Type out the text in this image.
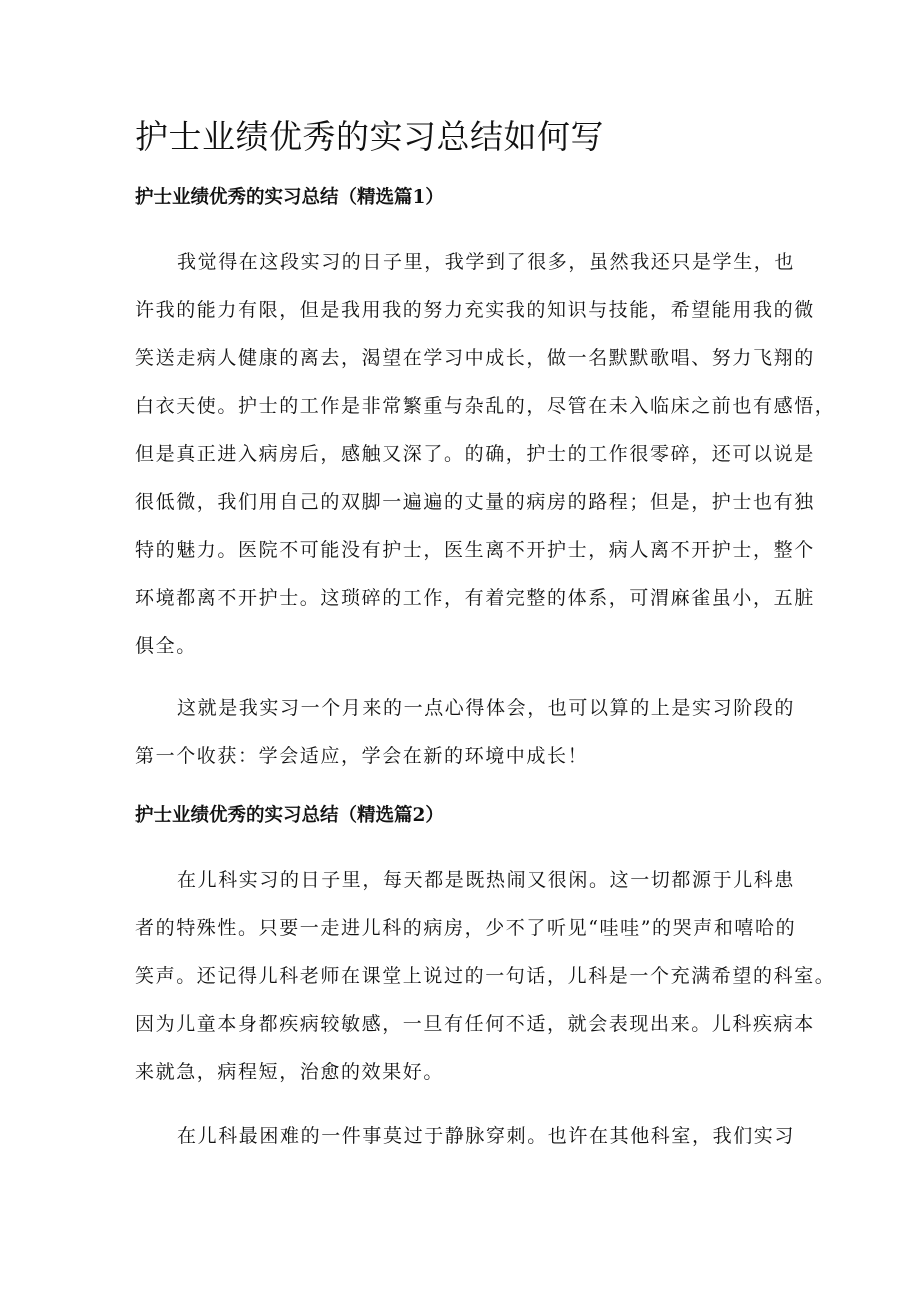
护士业绩优秀的实习总结如何写
护士业绩优秀的实习总结（精选篇1）
我觉得在这段实习的日子里，我学到了很多，虽然我还只是学生，也
许我的能力有限，但是我用我的努力充实我的知识与技能，希望能用我的微
笑送走病人健康的离去，渴望在学习中成长，做一名默默歌唱、努力飞翔的
白衣天使。护士的工作是非常繁重与杂乱的，尽管在未入临床之前也有感悟，
但是真正进入病房后，感触又深了。的确，护士的工作很零碎，还可以说是
很低微，我们用自己的双脚一遍遍的丈量的病房的路程；但是，护士也有独
特的魅力。医院不可能没有护士，医生离不开护士，病人离不开护士，整个
环境都离不开护士。这琐碎的工作，有着完整的体系，可渭麻雀虽小，五脏
俱全。
这就是我实习一个月来的一点心得体会，也可以算的上是实习阶段的
第一个收获：学会适应，学会在新的环境中成长！
护士业绩优秀的实习总结（精选篇2）
在儿科实习的日子里，每天都是既热闹又很闲。这一切都源于儿科患
者的特殊性。只要一走进儿科的病房，少不了听见“哇哇”的哭声和嘻哈的
笑声。还记得儿科老师在课堂上说过的一句话，儿科是一个充满希望的科室。
因为儿童本身都疾病较敏感，一旦有任何不适，就会表现出来。儿科疾病本
来就急，病程短，治愈的效果好。
在儿科最困难的一件事莫过于静脉穿刺。也许在其他科室，我们实习
